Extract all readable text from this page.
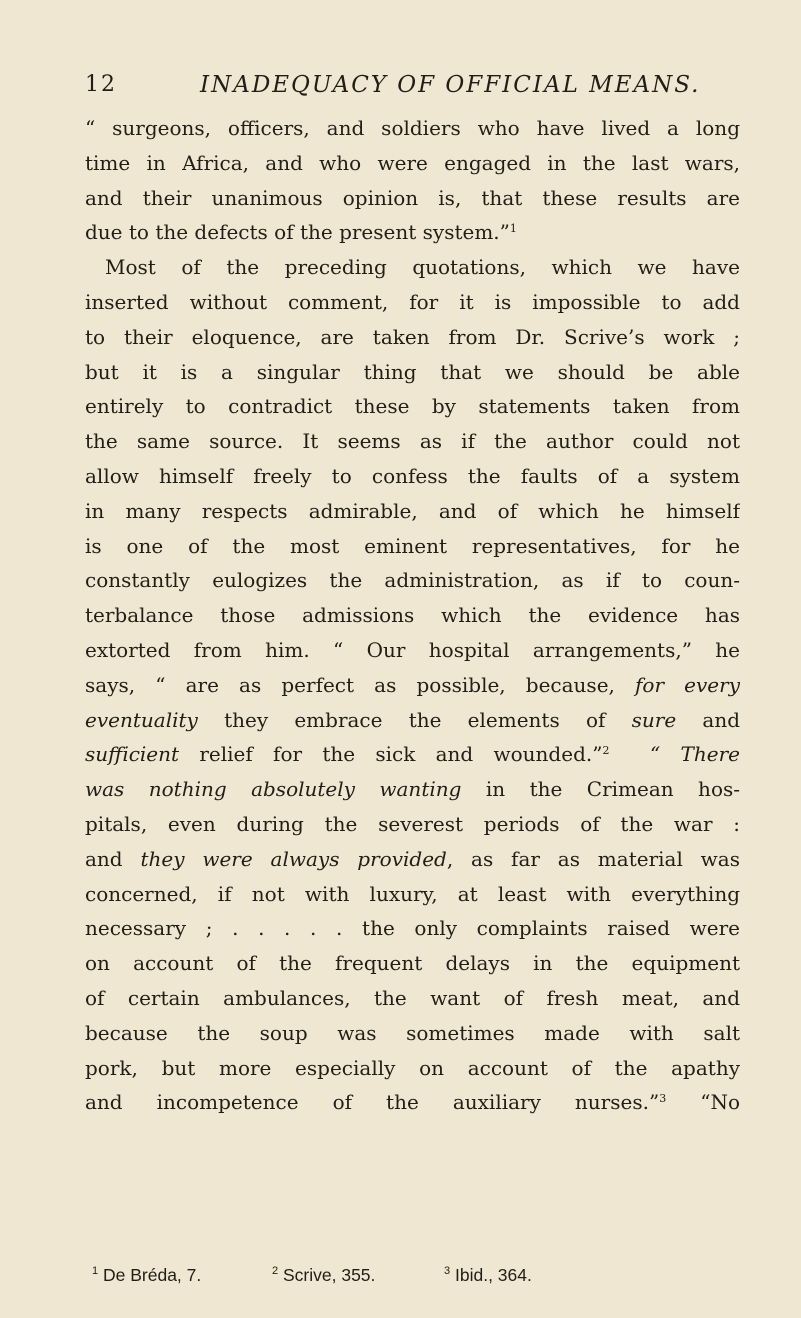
12	INADEQUACY OF OFFICIAL MEANS.
“ surgeons, officers, and soldiers who have lived a long
time in Africa, and who were engaged in the last wars,
and their unanimous opinion is, that these results are
due to the defects of the present system.”$^1$
Most of the preceding quotations, which we have
inserted without comment, for it is impossible to add
to their eloquence, are taken from Dr. Scrive’s work ;
but it is a singular thing that we should be able
entirely to contradict these by statements taken from
the same source. It seems as if the author could not
allow himself freely to confess the faults of a system
in many respects admirable, and of which he himself
is one of the most eminent representatives, for he
constantly eulogizes the administration, as if to coun-
terbalance those admissions which the evidence has
extorted from him. “ Our hospital arrangements,” he
says, “ are as perfect as possible, because, for every
eventuality they embrace the elements of sure and
sufficient relief for the sick and wounded.”$^2$ “ There
was nothing absolutely wanting in the Crimean hos-
pitals, even during the severest periods of the war :
and they were always provided, as far as material was
concerned, if not with luxury, at least with everything
necessary ; . . . . . the only complaints raised were
on account of the frequent delays in the equipment
of certain ambulances, the want of fresh meat, and
because the soup was sometimes made with salt
pork, but more especially on account of the apathy
and incompetence of the auxiliary nurses.”$^3$ “No
$^1$ De Bréda, 7.	$^2$ Scrive, 355.	$^3$ Ibid., 364.
